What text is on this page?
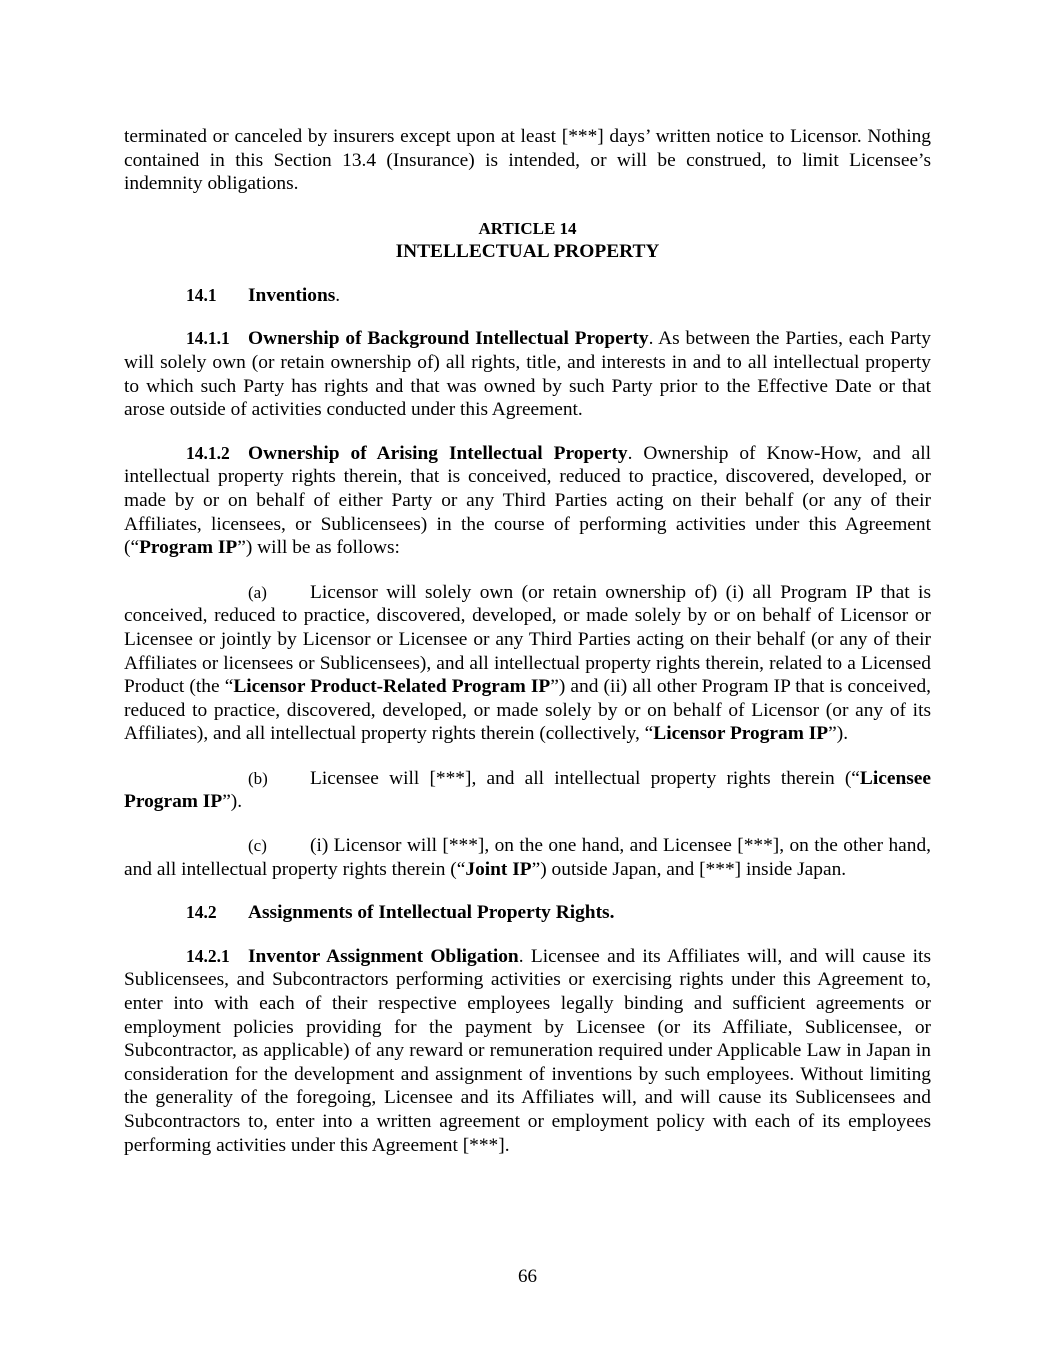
terminated or canceled by insurers except upon at least [***] days’ written notice to Licensor. Nothing contained in this Section 13.4 (Insurance) is intended, or will be construed, to limit Licensee’s indemnity obligations.

ARTICLE 14
INTELLECTUAL PROPERTY

14.1 Inventions.

14.1.1 Ownership of Background Intellectual Property. As between the Parties, each Party will solely own (or retain ownership of) all rights, title, and interests in and to all intellectual property to which such Party has rights and that was owned by such Party prior to the Effective Date or that arose outside of activities conducted under this Agreement.

14.1.2 Ownership of Arising Intellectual Property. Ownership of Know-How, and all intellectual property rights therein, that is conceived, reduced to practice, discovered, developed, or made by or on behalf of either Party or any Third Parties acting on their behalf (or any of their Affiliates, licensees, or Sublicensees) in the course of performing activities under this Agreement (“Program IP”) will be as follows:

(a) Licensor will solely own (or retain ownership of) (i) all Program IP that is conceived, reduced to practice, discovered, developed, or made solely by or on behalf of Licensor or Licensee or jointly by Licensor or Licensee or any Third Parties acting on their behalf (or any of their Affiliates or licensees or Sublicensees), and all intellectual property rights therein, related to a Licensed Product (the “Licensor Product-Related Program IP”) and (ii) all other Program IP that is conceived, reduced to practice, discovered, developed, or made solely by or on behalf of Licensor (or any of its Affiliates), and all intellectual property rights therein (collectively, “Licensor Program IP”).

(b) Licensee will [***], and all intellectual property rights therein (“Licensee Program IP”).

(c) (i) Licensor will [***], on the one hand, and Licensee [***], on the other hand, and all intellectual property rights therein (“Joint IP”) outside Japan, and [***] inside Japan.

14.2 Assignments of Intellectual Property Rights.

14.2.1 Inventor Assignment Obligation. Licensee and its Affiliates will, and will cause its Sublicensees, and Subcontractors performing activities or exercising rights under this Agreement to, enter into with each of their respective employees legally binding and sufficient agreements or employment policies providing for the payment by Licensee (or its Affiliate, Sublicensee, or Subcontractor, as applicable) of any reward or remuneration required under Applicable Law in Japan in consideration for the development and assignment of inventions by such employees. Without limiting the generality of the foregoing, Licensee and its Affiliates will, and will cause its Sublicensees and Subcontractors to, enter into a written agreement or employment policy with each of its employees performing activities under this Agreement [***].

66
